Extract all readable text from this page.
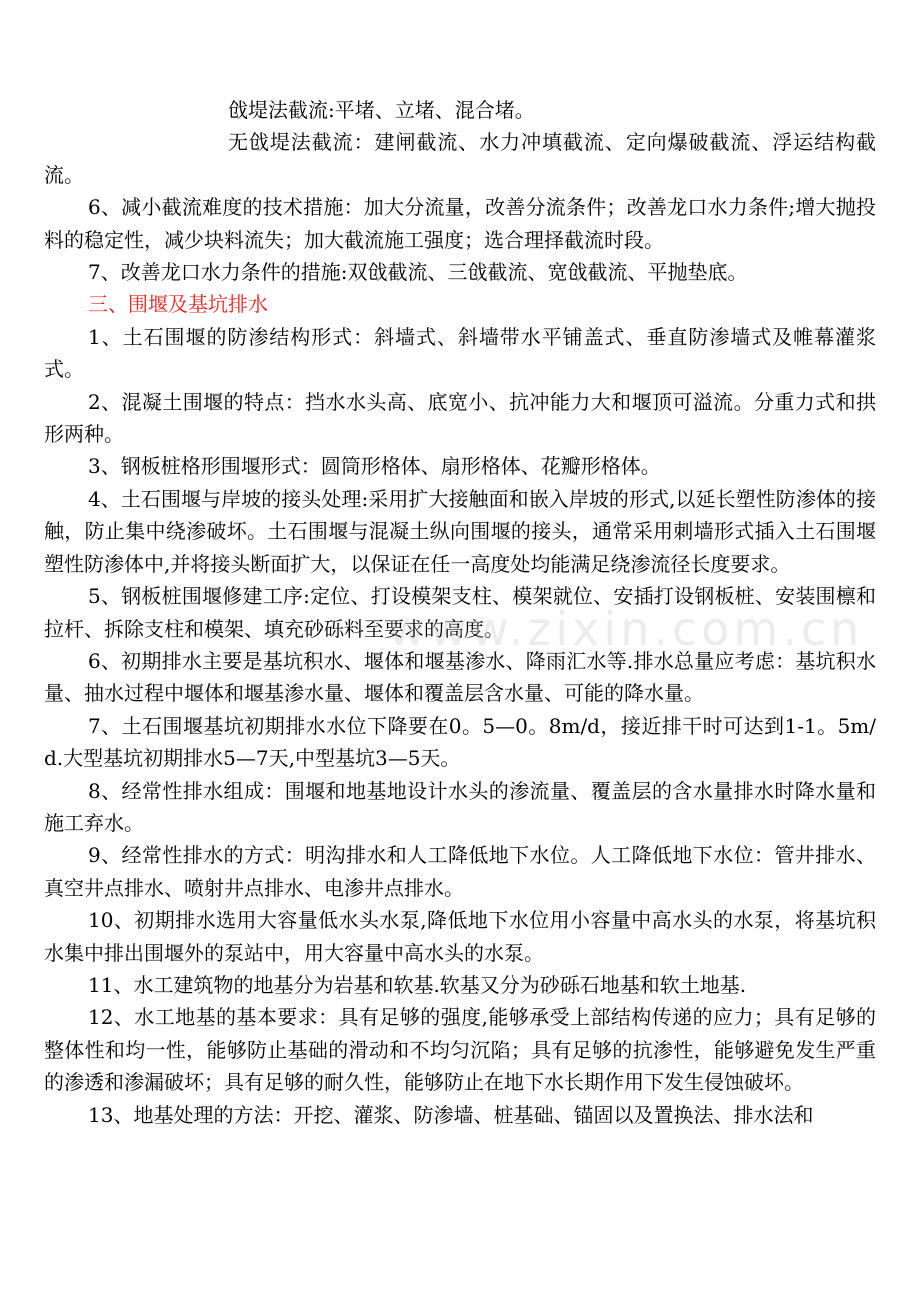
戗堤法截流:平堵、立堵、混合堵。

无戗堤法截流：建闸截流、水力冲填截流、定向爆破截流、浮运结构截流。

6、减小截流难度的技术措施：加大分流量，改善分流条件；改善龙口水力条件;增大抛投料的稳定性，减少块料流失；加大截流施工强度；选合理择截流时段。

7、改善龙口水力条件的措施:双戗截流、三戗截流、宽戗截流、平抛垫底。

三、围堰及基坑排水

1、土石围堰的防渗结构形式：斜墙式、斜墙带水平铺盖式、垂直防渗墙式及帷幕灌浆式。

2、混凝土围堰的特点：挡水水头高、底宽小、抗冲能力大和堰顶可溢流。分重力式和拱形两种。

3、钢板桩格形围堰形式：圆筒形格体、扇形格体、花瓣形格体。

4、土石围堰与岸坡的接头处理:采用扩大接触面和嵌入岸坡的形式,以延长塑性防渗体的接触，防止集中绕渗破坏。土石围堰与混凝土纵向围堰的接头，通常采用刺墙形式插入土石围堰塑性防渗体中,并将接头断面扩大，以保证在任一高度处均能满足绕渗流径长度要求。

5、钢板桩围堰修建工序:定位、打设模架支柱、模架就位、安插打设钢板桩、安装围檩和拉杆、拆除支柱和模架、填充砂砾料至要求的高度。

6、初期排水主要是基坑积水、堰体和堰基渗水、降雨汇水等.排水总量应考虑：基坑积水量、抽水过程中堰体和堰基渗水量、堰体和覆盖层含水量、可能的降水量。

7、土石围堰基坑初期排水水位下降要在0。5—0。8m/d，接近排干时可达到1-1。5m/d.大型基坑初期排水5—7天,中型基坑3—5天。

8、经常性排水组成：围堰和地基地设计水头的渗流量、覆盖层的含水量排水时降水量和施工弃水。

9、经常性排水的方式：明沟排水和人工降低地下水位。人工降低地下水位：管井排水、真空井点排水、喷射井点排水、电渗井点排水。

10、初期排水选用大容量低水头水泵,降低地下水位用小容量中高水头的水泵，将基坑积水集中排出围堰外的泵站中，用大容量中高水头的水泵。

11、水工建筑物的地基分为岩基和软基.软基又分为砂砾石地基和软土地基.

12、水工地基的基本要求：具有足够的强度,能够承受上部结构传递的应力；具有足够的整体性和均一性，能够防止基础的滑动和不均匀沉陷；具有足够的抗渗性，能够避免发生严重的渗透和渗漏破坏；具有足够的耐久性，能够防止在地下水长期作用下发生侵蚀破坏。

13、地基处理的方法：开挖、灌浆、防渗墙、桩基础、锚固以及置换法、排水法和

www.zixin.com.cn
